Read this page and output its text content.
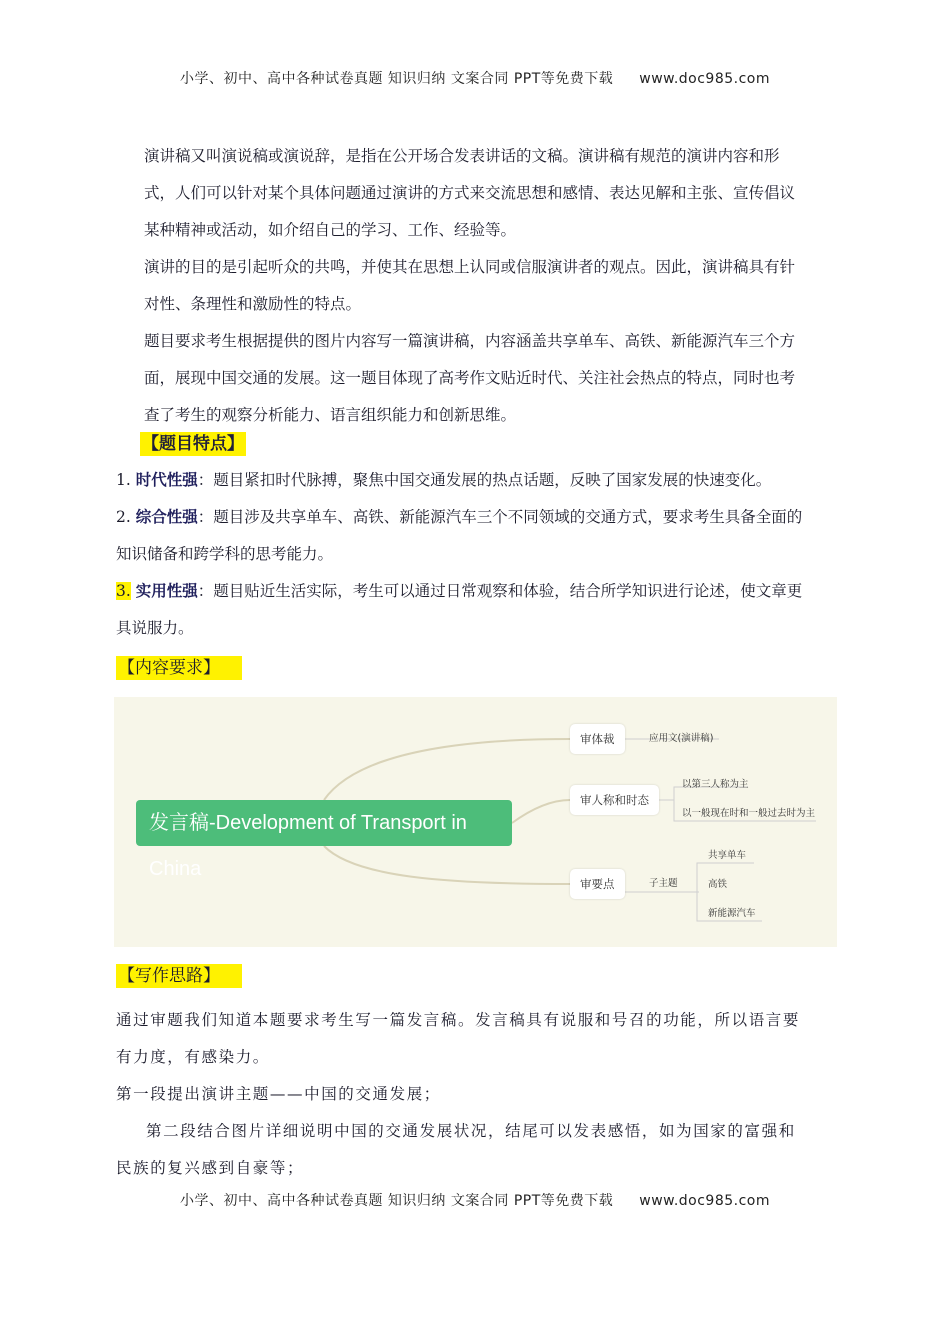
小学、初中、高中各种试卷真题 知识归纳 文案合同 PPT等免费下载 www.doc985.com

演讲稿又叫演说稿或演说辞，是指在公开场合发表讲话的文稿。演讲稿有规范的演讲内容和形式，人们可以针对某个具体问题通过演讲的方式来交流思想和感情、表达见解和主张、宣传倡议某种精神或活动，如介绍自己的学习、工作、经验等。

演讲的目的是引起听众的共鸣，并使其在思想上认同或信服演讲者的观点。因此，演讲稿具有针对性、条理性和激励性的特点。

题目要求考生根据提供的图片内容写一篇演讲稿，内容涵盖共享单车、高铁、新能源汽车三个方面，展现中国交通的发展。这一题目体现了高考作文贴近时代、关注社会热点的特点，同时也考查了考生的观察分析能力、语言组织能力和创新思维。

【题目特点】

1. 时代性强：题目紧扣时代脉搏，聚焦中国交通发展的热点话题，反映了国家发展的快速变化。

2. 综合性强：题目涉及共享单车、高铁、新能源汽车三个不同领域的交通方式，要求考生具备全面的知识储备和跨学科的思考能力。

3. 实用性强：题目贴近生活实际，考生可以通过日常观察和体验，结合所学知识进行论述，使文章更具说服力。

【内容要求】
发言稿-Development of Transport in China
审体裁	应用文(演讲稿)
审人称和时态
以第三人称为主
以一般现在时和一般过去时为主
审要点	子主题
共享单车
高铁
新能源汽车
【写作思路】

通过审题我们知道本题要求考生写一篇发言稿。发言稿具有说服和号召的功能，所以语言要有力度，有感染力。

第一段提出演讲主题——中国的交通发展；

第二段结合图片详细说明中国的交通发展状况，结尾可以发表感悟，如为国家的富强和民族的复兴感到自豪等；

小学、初中、高中各种试卷真题 知识归纳 文案合同 PPT等免费下载 www.doc985.com
